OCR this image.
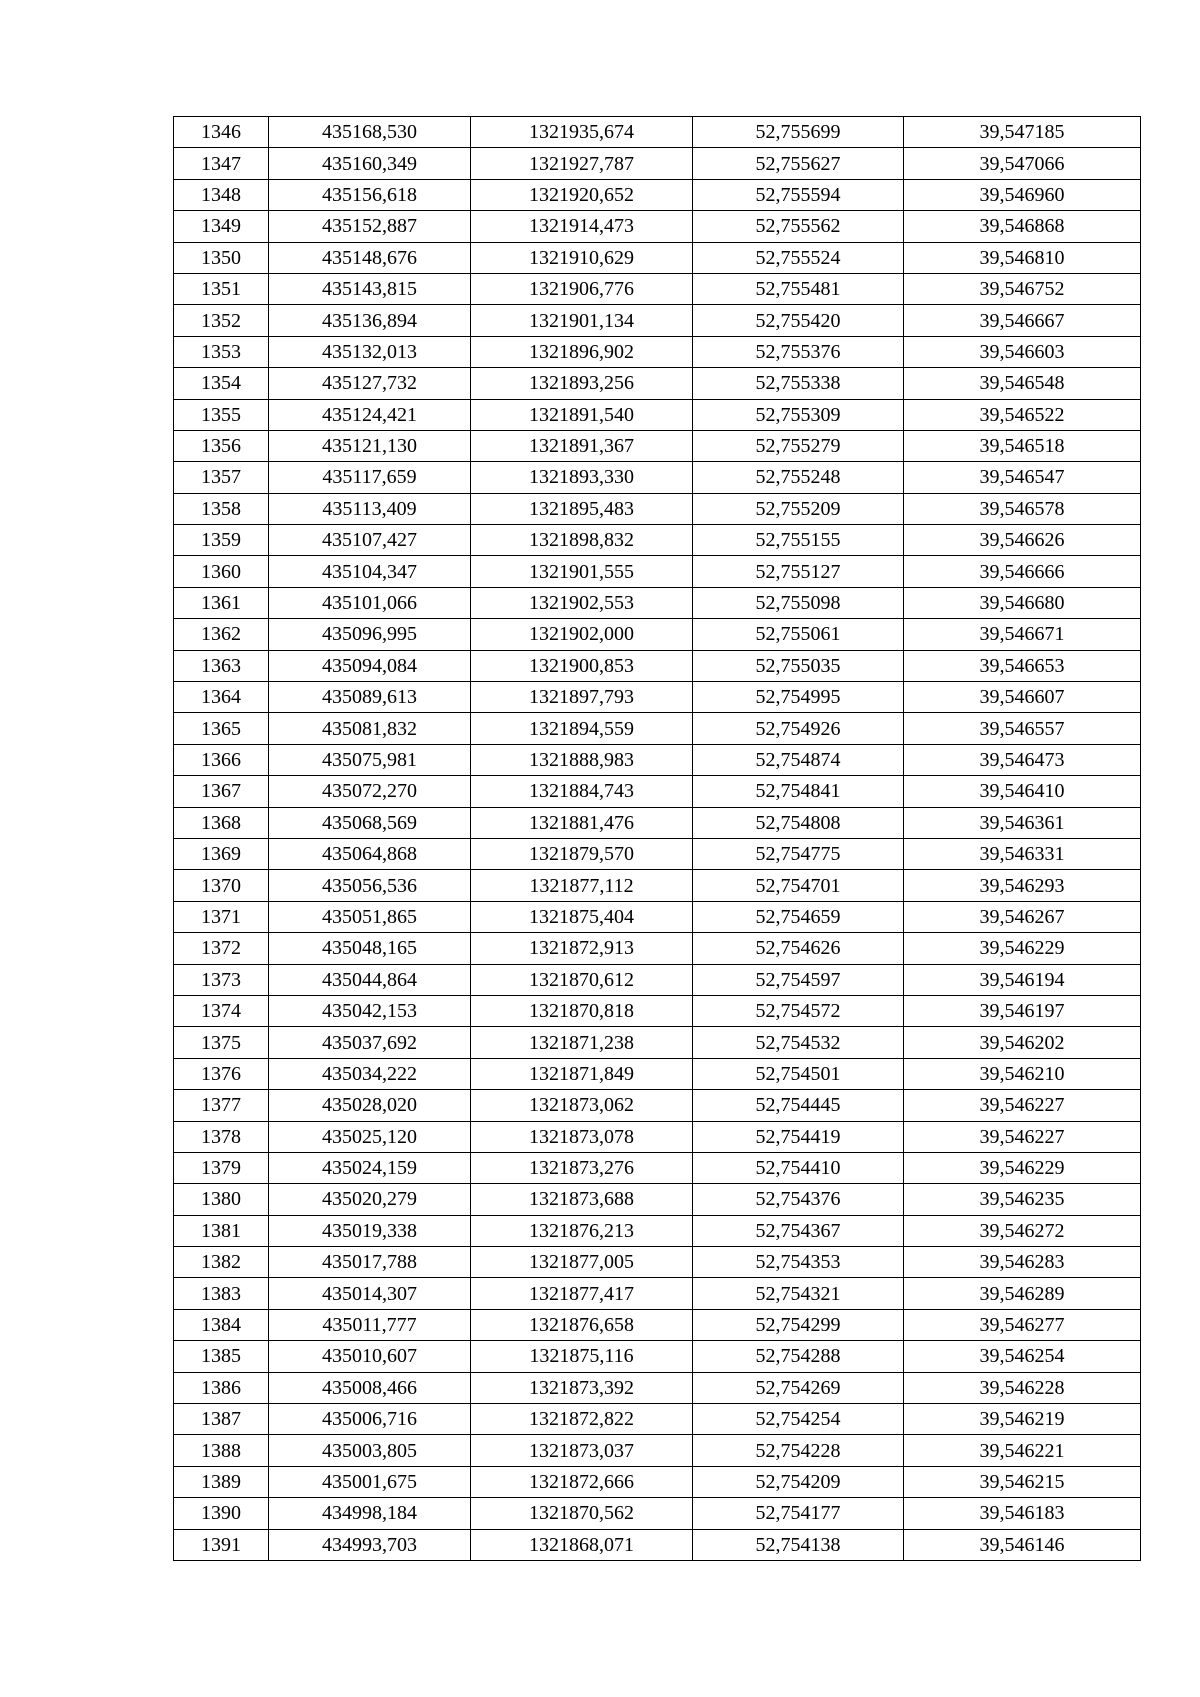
1346	435168,530	1321935,674	52,755699	39,547185
1347	435160,349	1321927,787	52,755627	39,547066
1348	435156,618	1321920,652	52,755594	39,546960
1349	435152,887	1321914,473	52,755562	39,546868
1350	435148,676	1321910,629	52,755524	39,546810
1351	435143,815	1321906,776	52,755481	39,546752
1352	435136,894	1321901,134	52,755420	39,546667
1353	435132,013	1321896,902	52,755376	39,546603
1354	435127,732	1321893,256	52,755338	39,546548
1355	435124,421	1321891,540	52,755309	39,546522
1356	435121,130	1321891,367	52,755279	39,546518
1357	435117,659	1321893,330	52,755248	39,546547
1358	435113,409	1321895,483	52,755209	39,546578
1359	435107,427	1321898,832	52,755155	39,546626
1360	435104,347	1321901,555	52,755127	39,546666
1361	435101,066	1321902,553	52,755098	39,546680
1362	435096,995	1321902,000	52,755061	39,546671
1363	435094,084	1321900,853	52,755035	39,546653
1364	435089,613	1321897,793	52,754995	39,546607
1365	435081,832	1321894,559	52,754926	39,546557
1366	435075,981	1321888,983	52,754874	39,546473
1367	435072,270	1321884,743	52,754841	39,546410
1368	435068,569	1321881,476	52,754808	39,546361
1369	435064,868	1321879,570	52,754775	39,546331
1370	435056,536	1321877,112	52,754701	39,546293
1371	435051,865	1321875,404	52,754659	39,546267
1372	435048,165	1321872,913	52,754626	39,546229
1373	435044,864	1321870,612	52,754597	39,546194
1374	435042,153	1321870,818	52,754572	39,546197
1375	435037,692	1321871,238	52,754532	39,546202
1376	435034,222	1321871,849	52,754501	39,546210
1377	435028,020	1321873,062	52,754445	39,546227
1378	435025,120	1321873,078	52,754419	39,546227
1379	435024,159	1321873,276	52,754410	39,546229
1380	435020,279	1321873,688	52,754376	39,546235
1381	435019,338	1321876,213	52,754367	39,546272
1382	435017,788	1321877,005	52,754353	39,546283
1383	435014,307	1321877,417	52,754321	39,546289
1384	435011,777	1321876,658	52,754299	39,546277
1385	435010,607	1321875,116	52,754288	39,546254
1386	435008,466	1321873,392	52,754269	39,546228
1387	435006,716	1321872,822	52,754254	39,546219
1388	435003,805	1321873,037	52,754228	39,546221
1389	435001,675	1321872,666	52,754209	39,546215
1390	434998,184	1321870,562	52,754177	39,546183
1391	434993,703	1321868,071	52,754138	39,546146
